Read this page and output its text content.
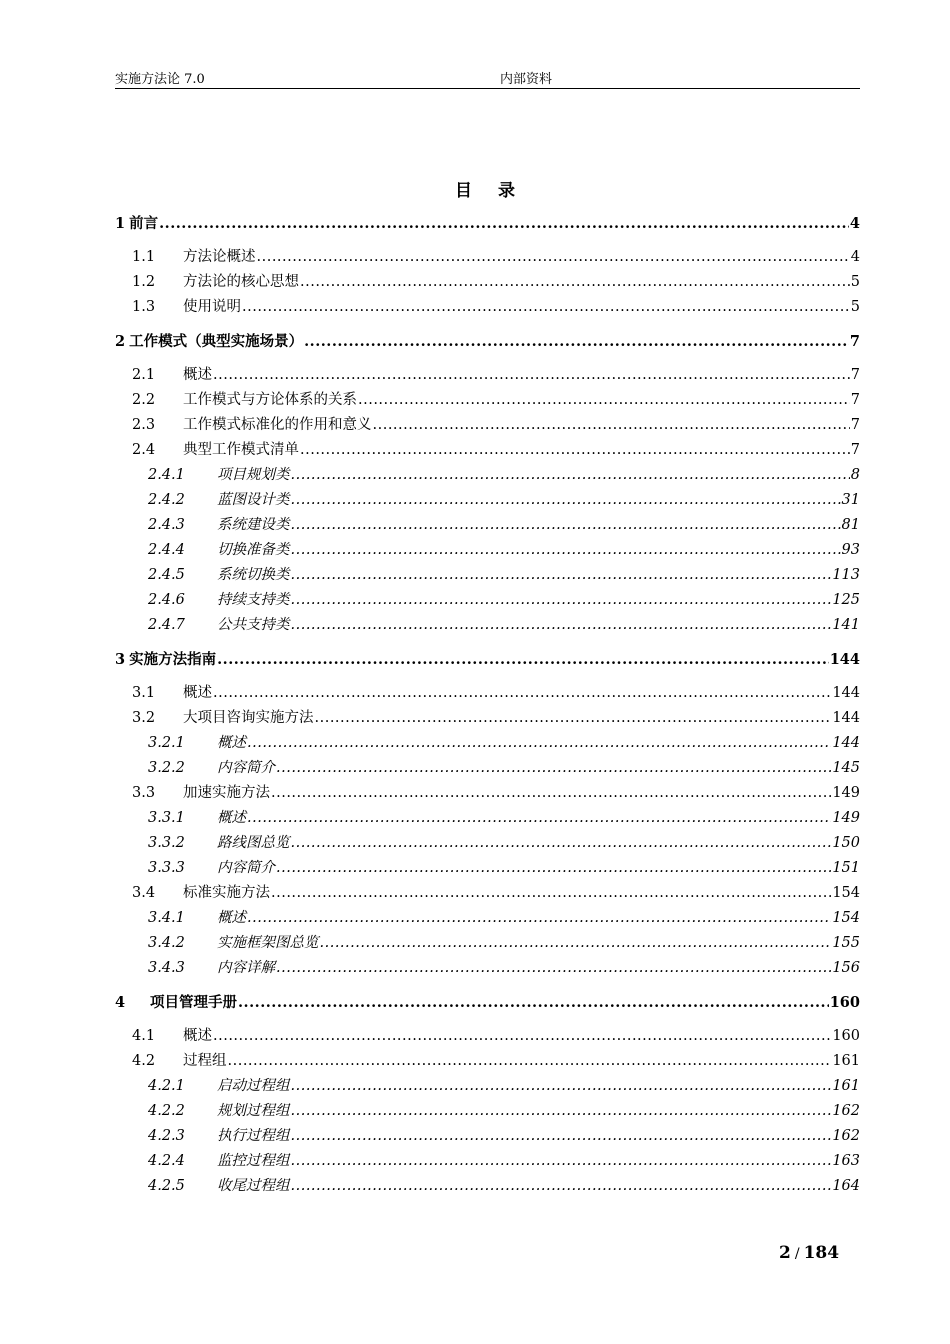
实施方法论 7.0	内部资料
目 录
1 前言 .....	4
1.1	方法论概述 .....	4
1.2	方法论的核心思想 .....	5
1.3	使用说明 .....	5
2 工作模式（典型实施场景） .....	7
2.1	概述 .....	7
2.2	工作模式与方论体系的关系 .....	7
2.3	工作模式标准化的作用和意义 .....	7
2.4	典型工作模式清单 .....	7
2.4.1	项目规划类 .....	8
2.4.2	蓝图设计类 .....	31
2.4.3	系统建设类 .....	81
2.4.4	切换准备类 .....	93
2.4.5	系统切换类 .....	113
2.4.6	持续支持类 .....	125
2.4.7	公共支持类 .....	141
3 实施方法指南 .....	144
3.1	概述 .....	144
3.2	大项目咨询实施方法 .....	144
3.2.1	概述 .....	144
3.2.2	内容简介 .....	145
3.3	加速实施方法 .....	149
3.3.1	概述 .....	149
3.3.2	路线图总览 .....	150
3.3.3	内容简介 .....	151
3.4	标准实施方法 .....	154
3.4.1	概述 .....	154
3.4.2	实施框架图总览 .....	155
3.4.3	内容详解 .....	156
4	项目管理手册 .....	160
4.1	概述 .....	160
4.2	过程组 .....	161
4.2.1	启动过程组 .....	161
4.2.2	规划过程组 .....	162
4.2.3	执行过程组 .....	162
4.2.4	监控过程组 .....	163
4.2.5	收尾过程组 .....	164
2 / 184
